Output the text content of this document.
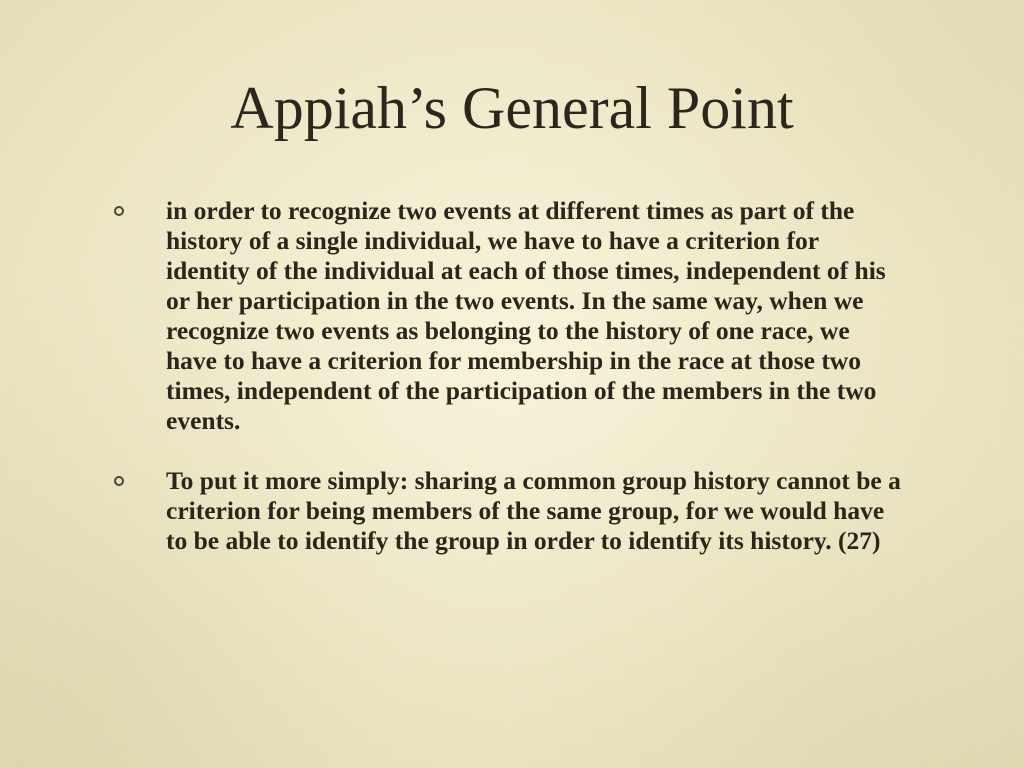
Appiah’s General Point
in order to recognize two events at different times as part of the history of a single individual, we have to have a criterion for identity of the individual at each of those times, independent of his or her participation in the two events. In the same way, when we recognize two events as belonging to the history of one race, we have to have a criterion for membership in the race at those two times, independent of the participation of the members in the two events.
To put it more simply: sharing a common group history cannot be a criterion for being members of the same group, for we would have to be able to identify the group in order to identify its history. (27)
